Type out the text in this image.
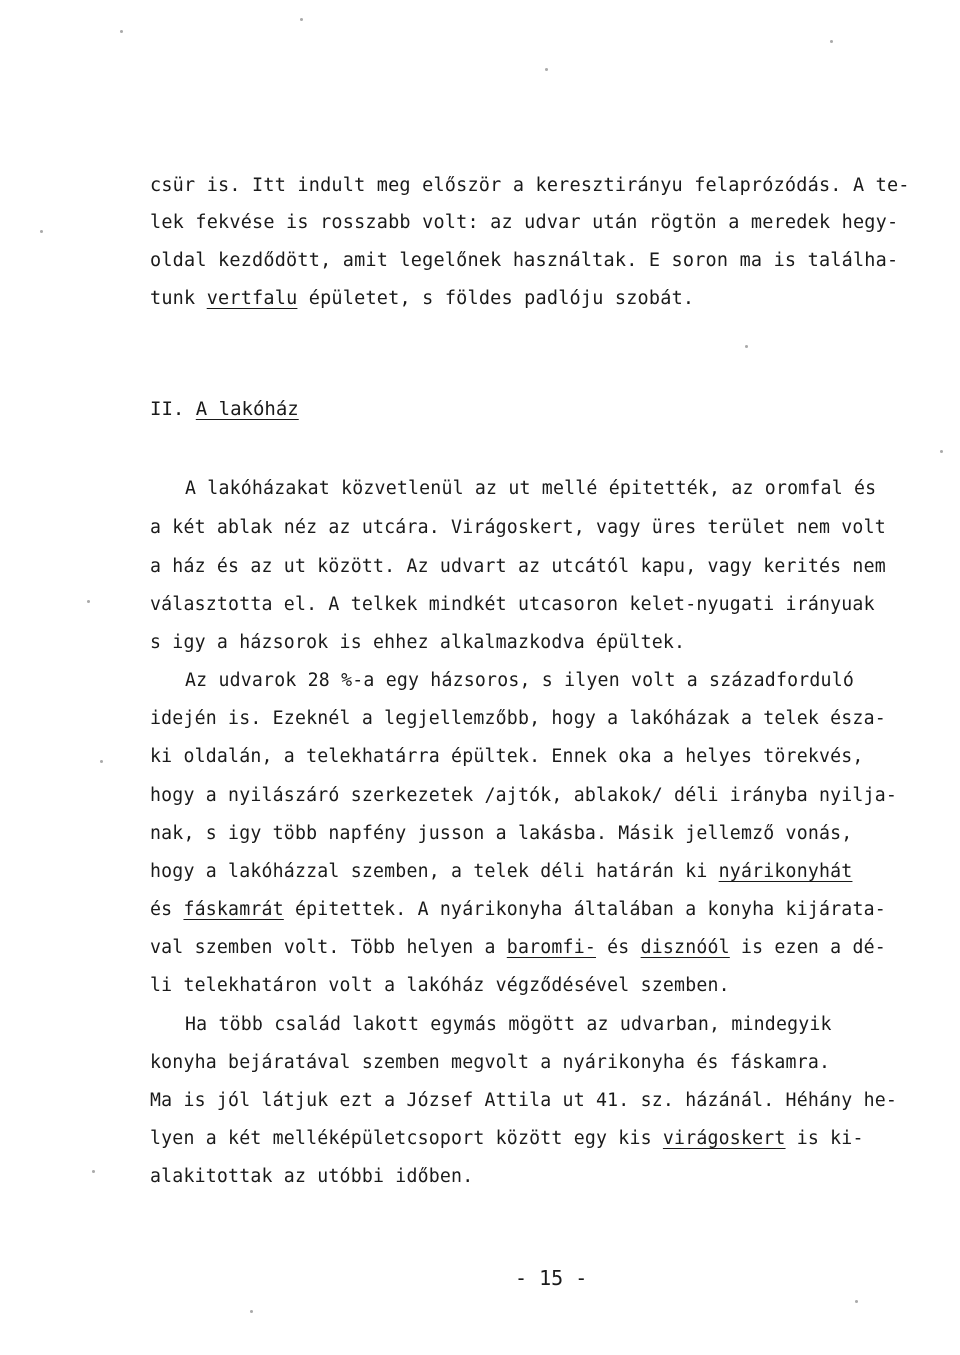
csür is. Itt indult meg először a keresztirányu felaprózódás. A te-
lek fekvése is rosszabb volt: az udvar után rögtön a meredek hegy-
oldal kezdődött, amit legelőnek használtak. E soron ma is találha-
tunk vertfalu épületet, s földes padlóju szobát.
II. A lakóház
A lakóházakat közvetlenül az ut mellé épitették, az oromfal és
a két ablak néz az utcára. Virágoskert, vagy üres terület nem volt
a ház és az ut között. Az udvart az utcától kapu, vagy kerités nem
választotta el. A telkek mindkét utcasoron kelet-nyugati irányuak
s igy a házsorok is ehhez alkalmazkodva épültek.
Az udvarok 28 %-a egy házsoros, s ilyen volt a századforduló
idején is. Ezeknél a legjellemzőbb, hogy a lakóházak a telek észa-
ki oldalán, a telekhatárra épültek. Ennek oka a helyes törekvés,
hogy a nyilászáró szerkezetek /ajtók, ablakok/ déli irányba nyilja-
nak, s igy több napfény jusson a lakásba. Másik jellemző vonás,
hogy a lakóházzal szemben, a telek déli határán ki nyárikonyhát
és fáskamrát épitettek. A nyárikonyha általában a konyha kijárata-
val szemben volt. Több helyen a baromfi- és disznóól is ezen a dé-
li telekhatáron volt a lakóház végződésével szemben.
Ha több család lakott egymás mögött az udvarban, mindegyik
konyha bejáratával szemben megvolt a nyárikonyha és fáskamra.
Ma is jól látjuk ezt a József Attila ut 41. sz. házánál. Héhány he-
lyen a két melléképületcsoport között egy kis virágoskert is ki-
alakitottak az utóbbi időben.
- 15 -
